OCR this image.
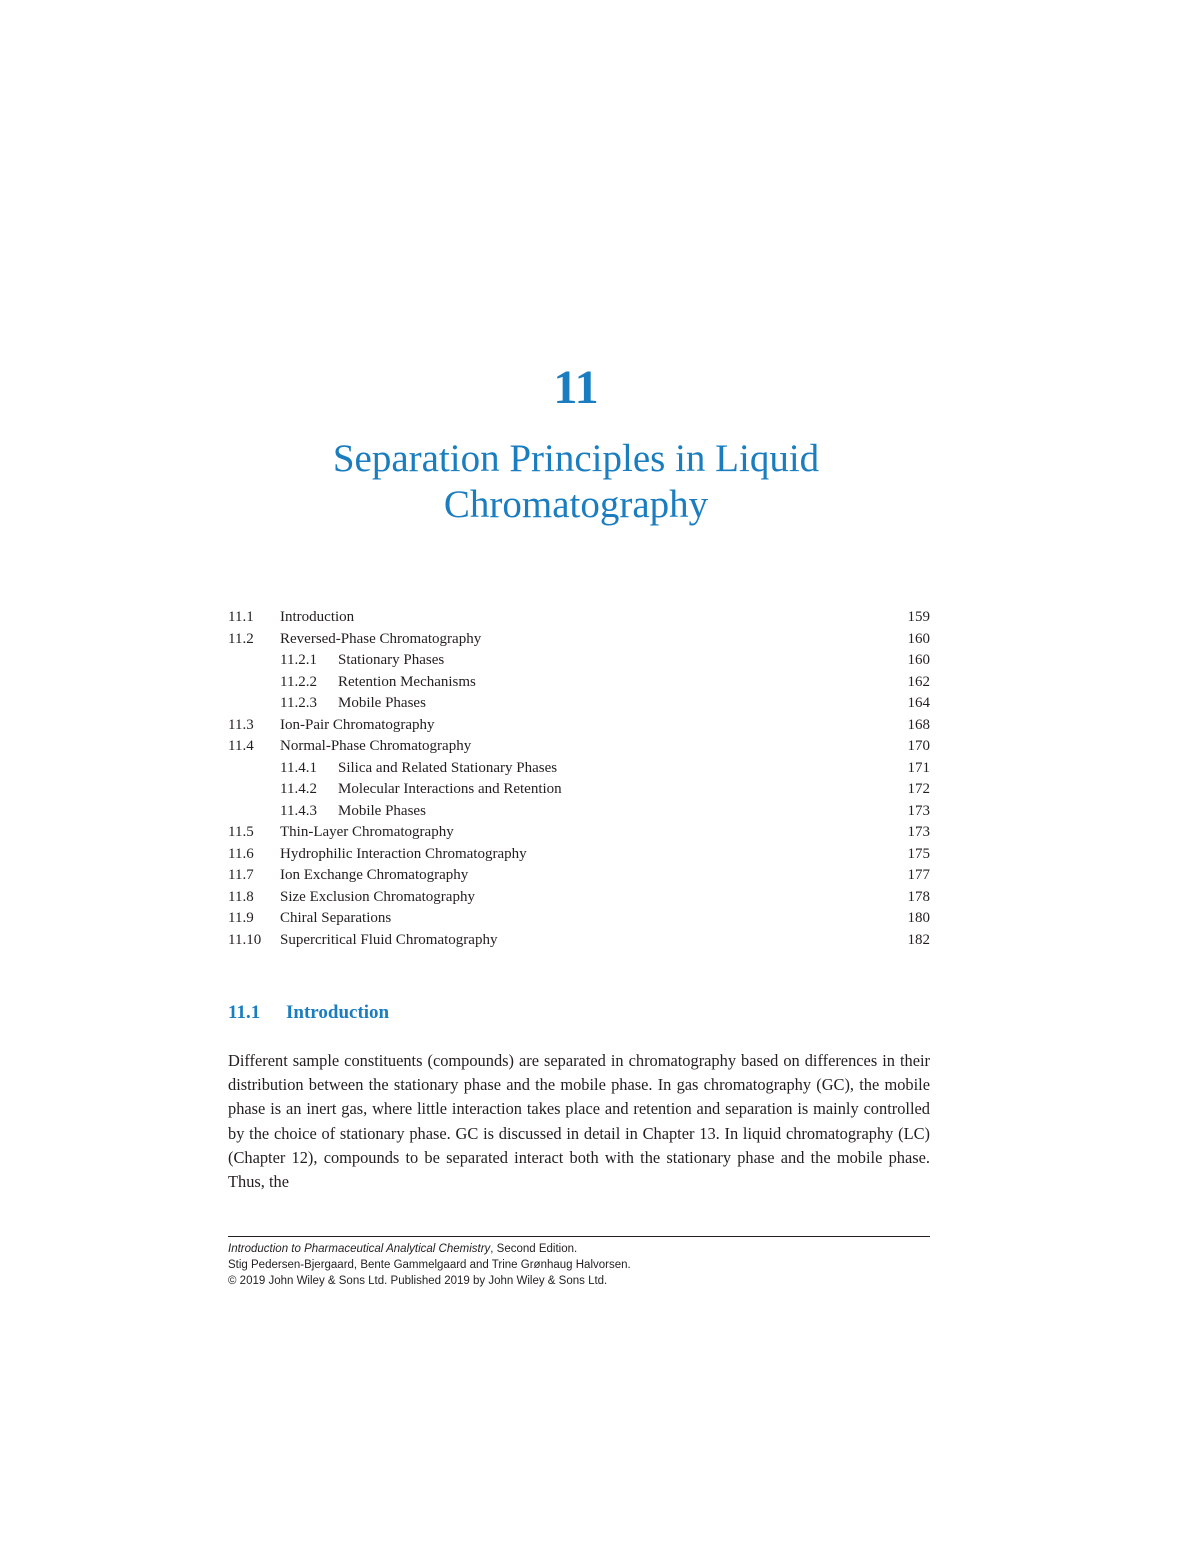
11
Separation Principles in Liquid
Chromatography
11.1 Introduction	159
11.2 Reversed-Phase Chromatography	160
11.2.1 Stationary Phases	160
11.2.2 Retention Mechanisms	162
11.2.3 Mobile Phases	164
11.3 Ion-Pair Chromatography	168
11.4 Normal-Phase Chromatography	170
11.4.1 Silica and Related Stationary Phases	171
11.4.2 Molecular Interactions and Retention	172
11.4.3 Mobile Phases	173
11.5 Thin-Layer Chromatography	173
11.6 Hydrophilic Interaction Chromatography	175
11.7 Ion Exchange Chromatography	177
11.8 Size Exclusion Chromatography	178
11.9 Chiral Separations	180
11.10 Supercritical Fluid Chromatography	182
11.1 Introduction
Different sample constituents (compounds) are separated in chromatography based on differences in their distribution between the stationary phase and the mobile phase. In gas chromatography (GC), the mobile phase is an inert gas, where little interaction takes place and retention and separation is mainly controlled by the choice of stationary phase. GC is discussed in detail in Chapter 13. In liquid chromatography (LC) (Chapter 12), compounds to be separated interact both with the stationary phase and the mobile phase. Thus, the
Introduction to Pharmaceutical Analytical Chemistry, Second Edition.
Stig Pedersen-Bjergaard, Bente Gammelgaard and Trine Grønhaug Halvorsen.
© 2019 John Wiley & Sons Ltd. Published 2019 by John Wiley & Sons Ltd.
